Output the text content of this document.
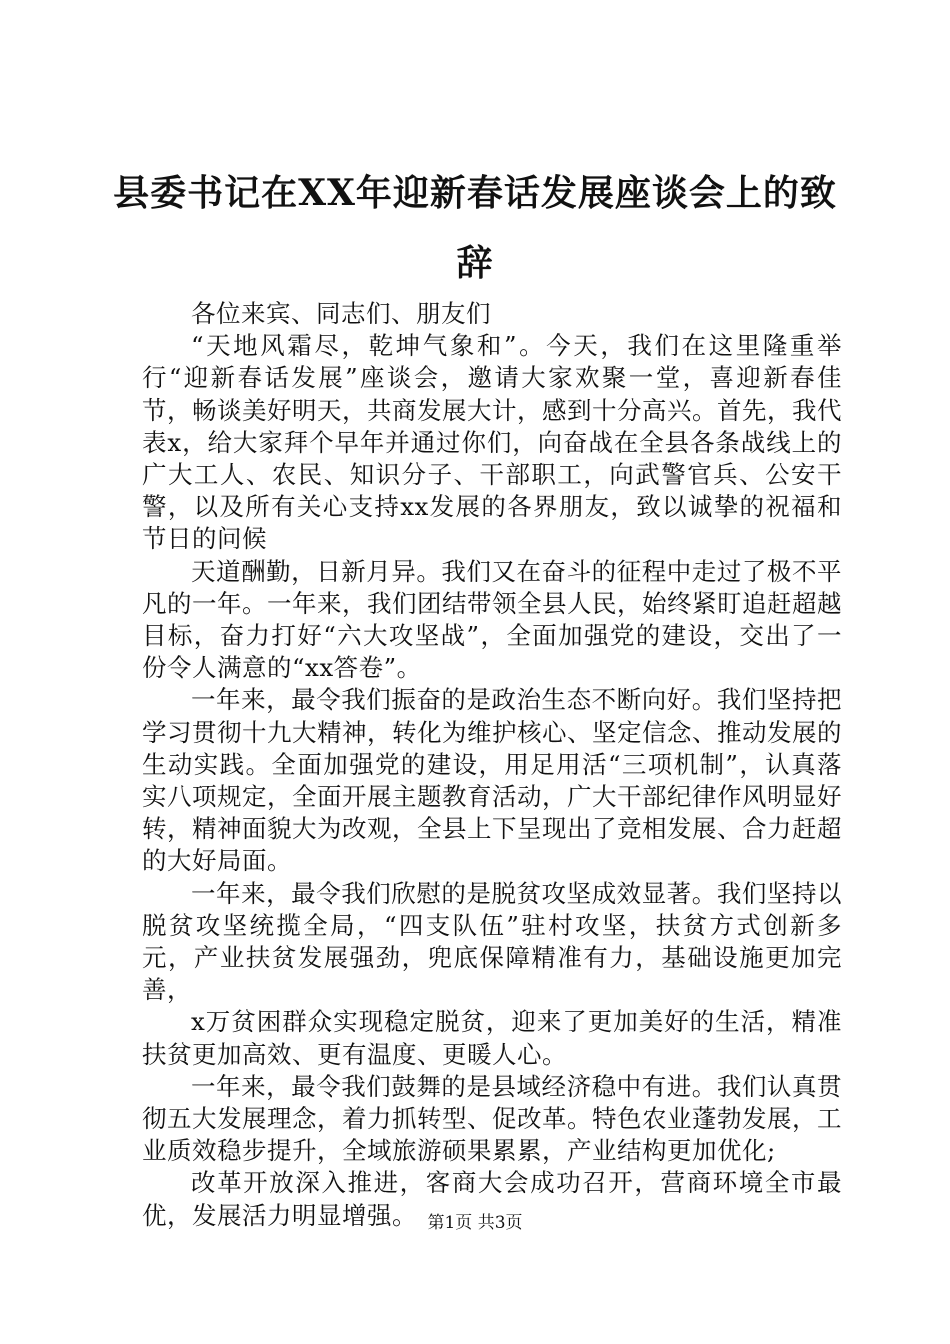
县委书记在XX年迎新春话发展座谈会上的致辞

各位来宾、同志们、朋友们

“天地风霜尽，乾坤气象和”。今天，我们在这里隆重举行“迎新春话发展”座谈会，邀请大家欢聚一堂，喜迎新春佳节，畅谈美好明天，共商发展大计，感到十分高兴。首先，我代表x，给大家拜个早年并通过你们，向奋战在全县各条战线上的广大工人、农民、知识分子、干部职工，向武警官兵、公安干警，以及所有关心支持xx发展的各界朋友，致以诚挚的祝福和节日的问候

天道酬勤，日新月异。我们又在奋斗的征程中走过了极不平凡的一年。一年来，我们团结带领全县人民，始终紧盯追赶超越目标，奋力打好“六大攻坚战”，全面加强党的建设，交出了一份令人满意的“xx答卷”。

一年来，最令我们振奋的是政治生态不断向好。我们坚持把学习贯彻十九大精神，转化为维护核心、坚定信念、推动发展的生动实践。全面加强党的建设，用足用活“三项机制”，认真落实八项规定，全面开展主题教育活动，广大干部纪律作风明显好转，精神面貌大为改观，全县上下呈现出了竞相发展、合力赶超的大好局面。

一年来，最令我们欣慰的是脱贫攻坚成效显著。我们坚持以脱贫攻坚统揽全局，“四支队伍”驻村攻坚，扶贫方式创新多元，产业扶贫发展强劲，兜底保障精准有力，基础设施更加完善，

x万贫困群众实现稳定脱贫，迎来了更加美好的生活，精准扶贫更加高效、更有温度、更暖人心。

一年来，最令我们鼓舞的是县域经济稳中有进。我们认真贯彻五大发展理念，着力抓转型、促改革。特色农业蓬勃发展，工业质效稳步提升，全域旅游硕果累累，产业结构更加优化;

改革开放深入推进，客商大会成功召开，营商环境全市最优，发展活力明显增强。 第1页 共3页
